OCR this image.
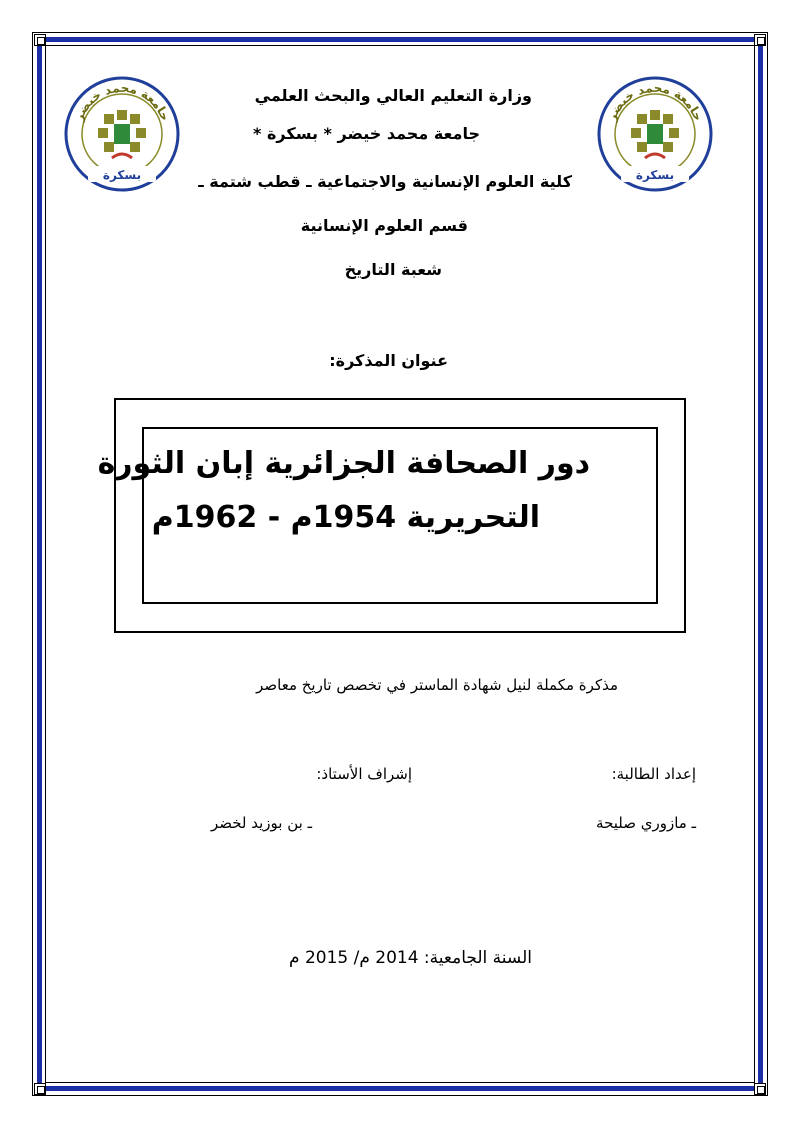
جامعة محمد خيضر
بسكرة
جامعة محمد خيضر
بسكرة
وزارة التعليم العالي والبحث العلمي
جامعة محمد خيضر * بسكرة *
كلية العلوم الإنسانية والاجتماعية ـ قطب شتمة ـ
قسم العلوم الإنسانية
شعبة التاريخ
عنوان المذكرة:
دور الصحافة الجزائرية إبان الثورة
التحريرية 1954م - 1962م
مذكرة مكملة لنيل شهادة الماستر في تخصص تاريخ معاصر
إعداد الطالبة:
إشراف الأستاذ:
ـ مازوري صليحة
ـ بن بوزيد لخضر
السنة الجامعية: 2014 م/ 2015 م
